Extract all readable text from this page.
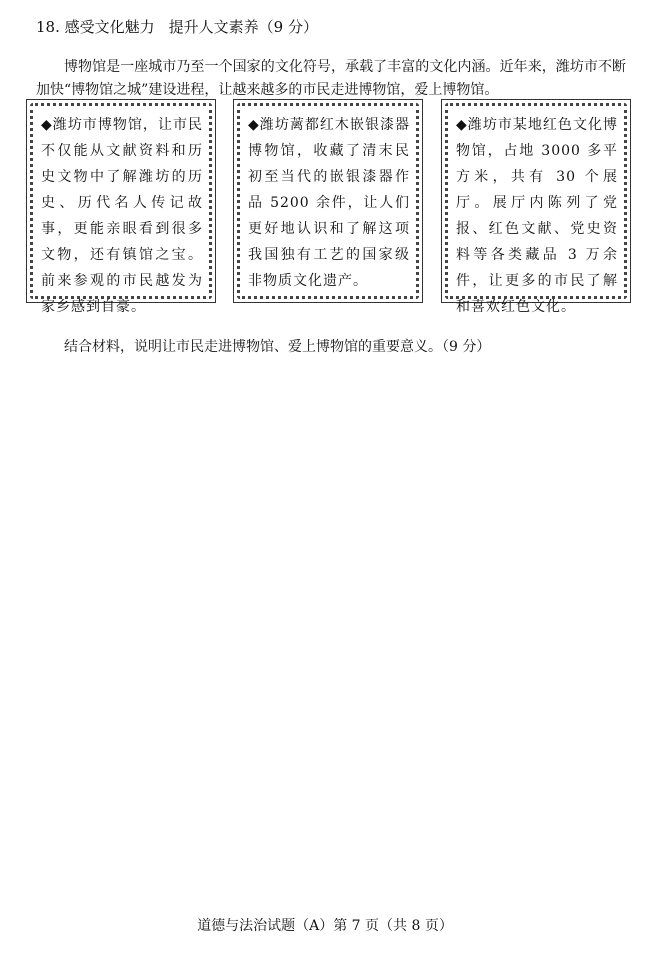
18. 感受文化魅力 提升人文素养（9 分）

博物馆是一座城市乃至一个国家的文化符号，承载了丰富的文化内涵。近年来，潍坊市不断加快“博物馆之城”建设进程，让越来越多的市民走进博物馆，爱上博物馆。

◆潍坊市博物馆，让市民不仅能从文献资料和历史文物中了解潍坊的历史、历代名人传记故事，更能亲眼看到很多文物，还有镇馆之宝。前来参观的市民越发为家乡感到自豪。
◆潍坊蓠都红木嵌银漆器博物馆，收藏了清末民初至当代的嵌银漆器作品 5200 余件，让人们更好地认识和了解这项我国独有工艺的国家级非物质文化遗产。
◆潍坊市某地红色文化博物馆，占地 3000 多平方米，共有 30 个展厅。展厅内陈列了党报、红色文献、党史资料等各类藏品 3 万余件，让更多的市民了解和喜欢红色文化。

结合材料，说明让市民走进博物馆、爱上博物馆的重要意义。（9 分）

道德与法治试题（A）第 7 页（共 8 页）
